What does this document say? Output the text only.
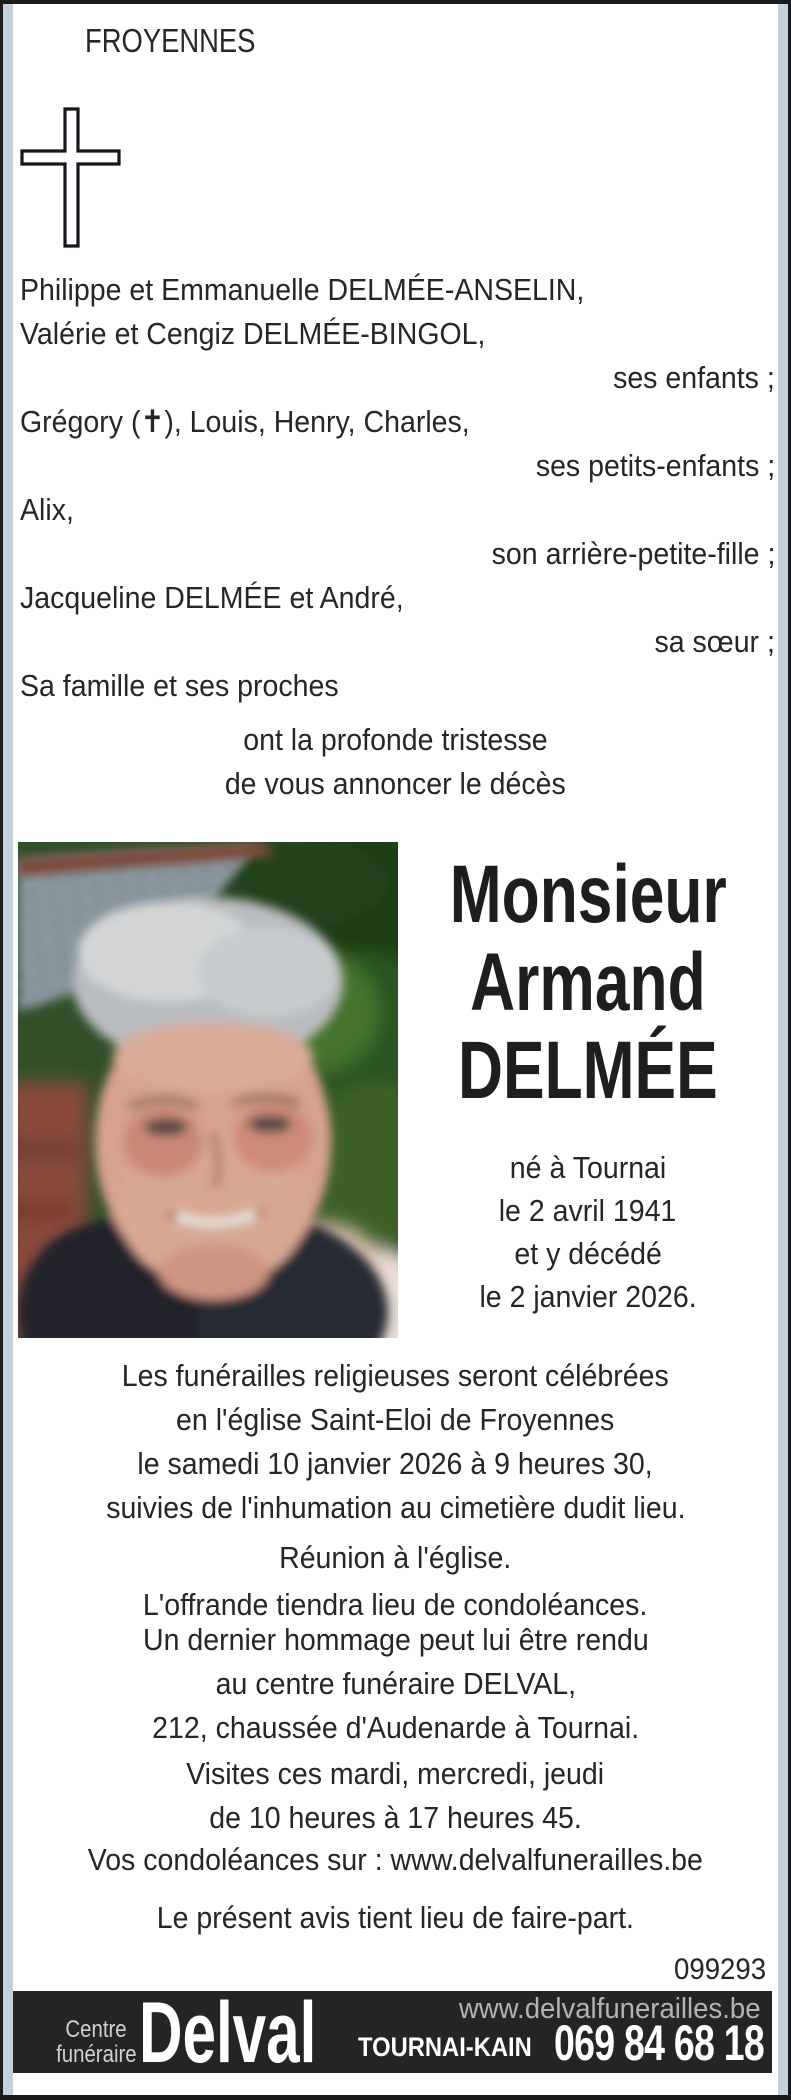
FROYENNES
Philippe et Emmanuelle DELMÉE-ANSELIN,
Valérie et Cengiz DELMÉE-BINGOL,
ses enfants ;
Grégory (✝), Louis, Henry, Charles,
ses petits-enfants ;
Alix,
son arrière-petite-fille ;
Jacqueline DELMÉE et André,
sa sœur ;
Sa famille et ses proches
ont la profonde tristesse
de vous annoncer le décès
Monsieur
Armand
DELMÉE
né à Tournai
le 2 avril 1941
et y décédé
le 2 janvier 2026.
Les funérailles religieuses seront célébrées
en l'église Saint-Eloi de Froyennes
le samedi 10 janvier 2026 à 9 heures 30,
suivies de l'inhumation au cimetière dudit lieu.
Réunion à l'église.
L'offrande tiendra lieu de condoléances.
Un dernier hommage peut lui être rendu
au centre funéraire DELVAL,
212, chaussée d'Audenarde à Tournai.
Visites ces mardi, mercredi, jeudi
de 10 heures à 17 heures 45.
Vos condoléances sur : www.delvalfunerailles.be
Le présent avis tient lieu de faire-part.
099293
Centre
funéraire Delval TOURNAI-KAIN 069 84 68 18
www.delvalfunerailles.be
